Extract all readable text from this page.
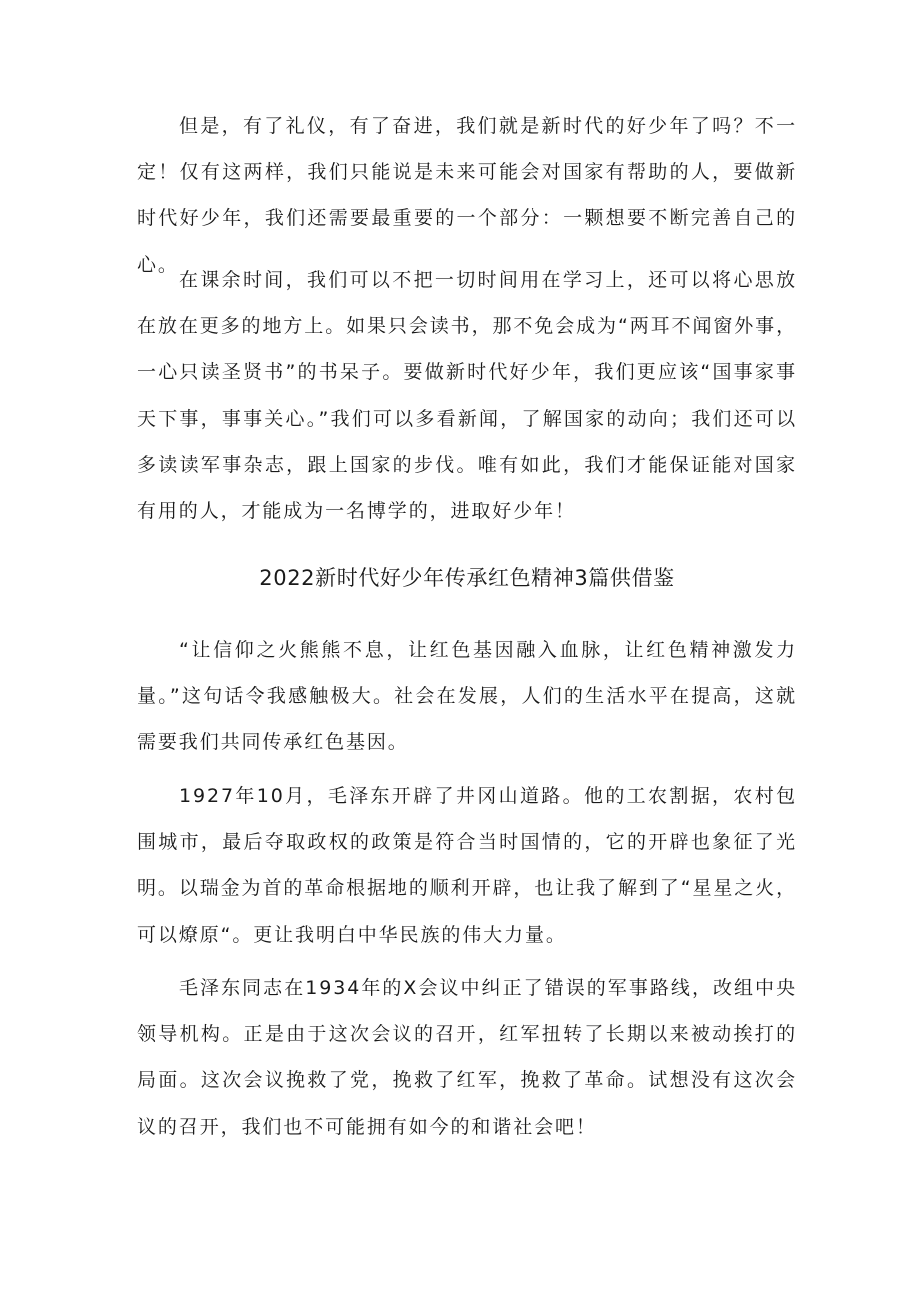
但是，有了礼仪，有了奋进，我们就是新时代的好少年了吗？不一定！仅有这两样，我们只能说是未来可能会对国家有帮助的人，要做新时代好少年，我们还需要最重要的一个部分：一颗想要不断完善自己的心。

在课余时间，我们可以不把一切时间用在学习上，还可以将心思放在放在更多的地方上。如果只会读书，那不免会成为“两耳不闻窗外事，一心只读圣贤书”的书呆子。要做新时代好少年，我们更应该“国事家事天下事，事事关心。”我们可以多看新闻，了解国家的动向；我们还可以多读读军事杂志，跟上国家的步伐。唯有如此，我们才能保证能对国家有用的人，才能成为一名博学的，进取好少年！

2022新时代好少年传承红色精神3篇供借鉴

“让信仰之火熊熊不息，让红色基因融入血脉，让红色精神激发力量。”这句话令我感触极大。社会在发展，人们的生活水平在提高，这就需要我们共同传承红色基因。

1927年10月，毛泽东开辟了井冈山道路。他的工农割据，农村包围城市，最后夺取政权的政策是符合当时国情的，它的开辟也象征了光明。以瑞金为首的革命根据地的顺利开辟，也让我了解到了“星星之火，可以燎原“。更让我明白中华民族的伟大力量。

毛泽东同志在1934年的X会议中纠正了错误的军事路线，改组中央领导机构。正是由于这次会议的召开，红军扭转了长期以来被动挨打的局面。这次会议挽救了党，挽救了红军，挽救了革命。试想没有这次会议的召开，我们也不可能拥有如今的和谐社会吧！
